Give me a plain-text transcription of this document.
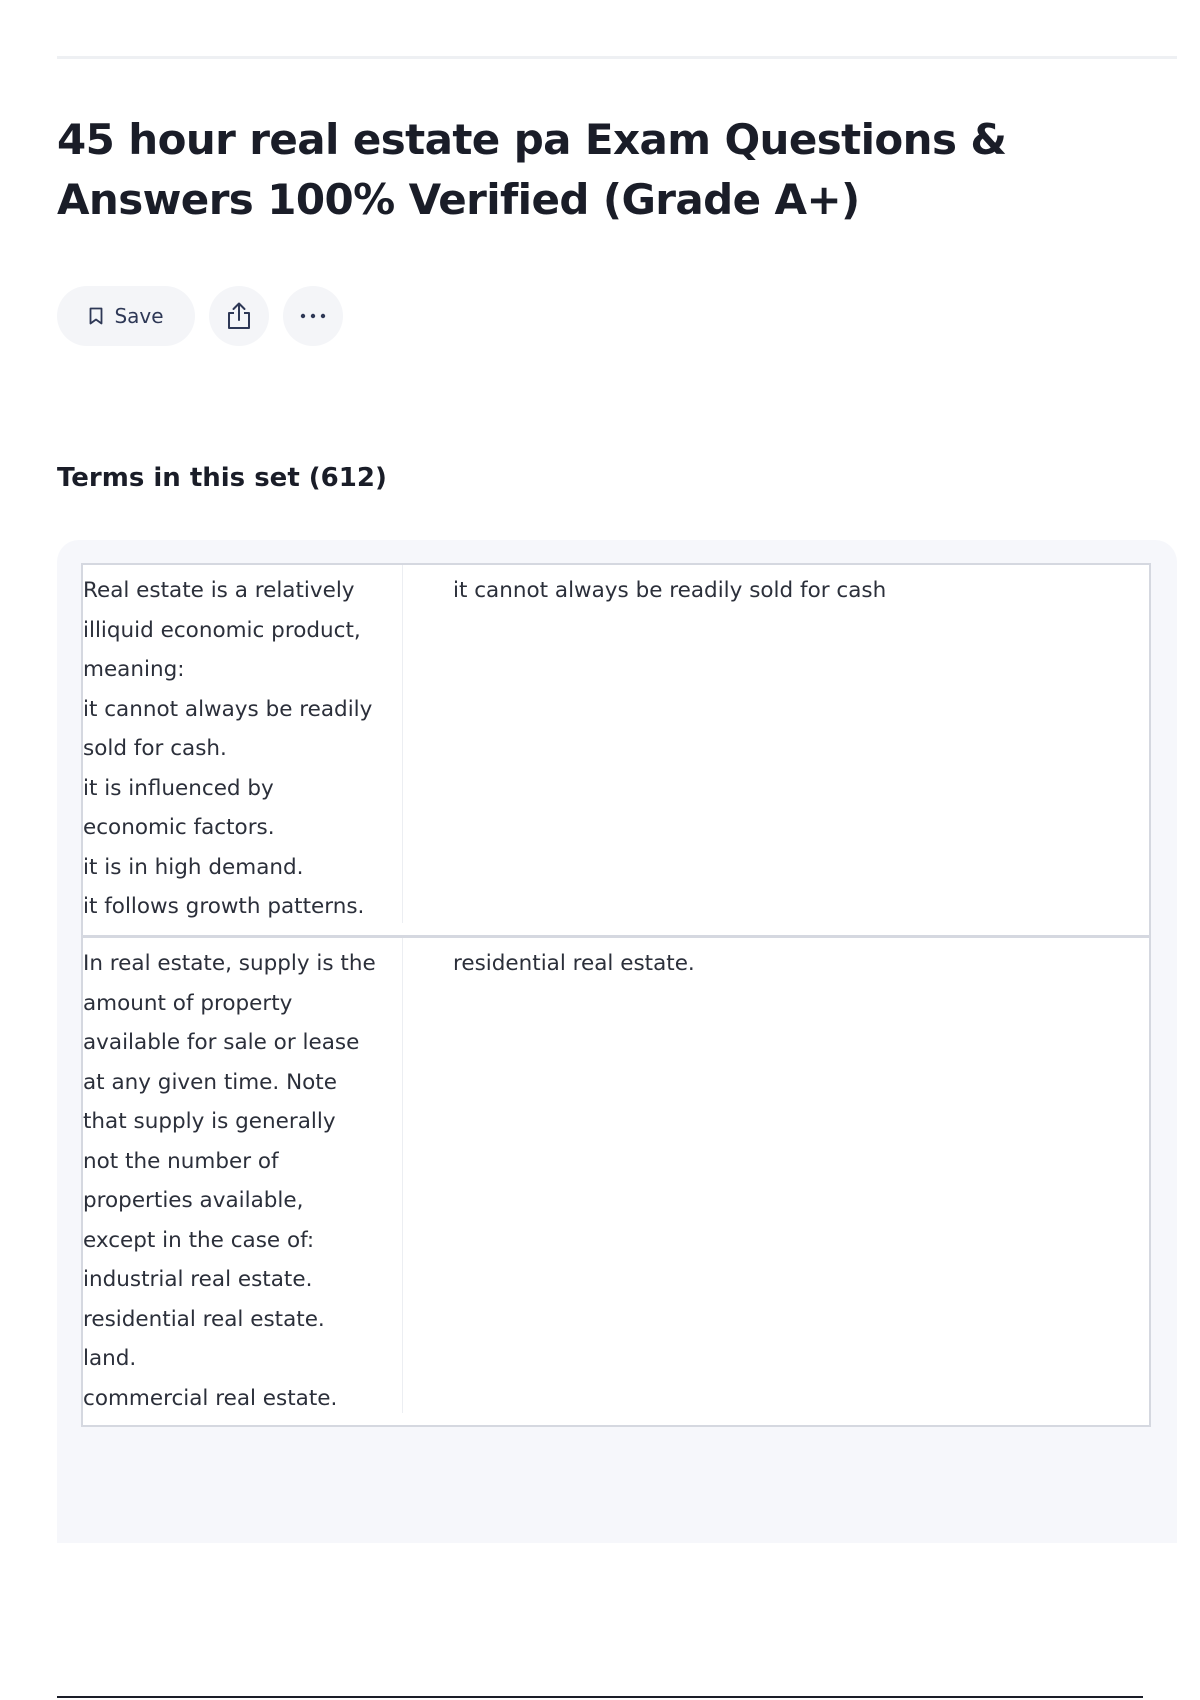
45 hour real estate pa Exam Questions & Answers 100% Verified (Grade A+)
Save
Terms in this set (612)
Real estate is a relatively
illiquid economic product,
meaning:
it cannot always be readily
sold for cash.
it is influenced by
economic factors.
it is in high demand.
it follows growth patterns.
it cannot always be readily sold for cash
In real estate, supply is the
amount of property
available for sale or lease
at any given time. Note
that supply is generally
not the number of
properties available,
except in the case of:
industrial real estate.
residential real estate.
land.
commercial real estate.
residential real estate.
